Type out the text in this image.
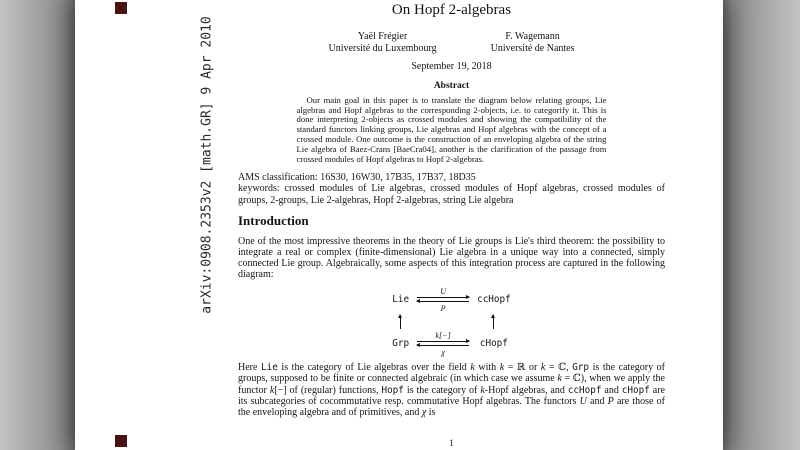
arXiv:0908.2353v2 [math.GR] 9 Apr 2010
On Hopf 2-algebras
Yaël Frégier
Université du Luxembourg
F. Wagemann
Université de Nantes
September 19, 2018
Abstract

Our main goal in this paper is to translate the diagram below relating groups, Lie algebras and Hopf algebras to the corresponding 2-objects, i.e. to categorify it. This is done interpreting 2-objects as crossed modules and showing the compatibility of the standard functors linking groups, Lie algebras and Hopf algebras with the concept of a crossed module. One outcome is the construction of an enveloping algebra of the string Lie algebra of Baez-Crans [BaeCra04], another is the clarification of the passage from crossed modules of Hopf algebras to Hopf 2-algebras.

AMS classification: 16S30, 16W30, 17B35, 17B37, 18D35
keywords: crossed modules of Lie algebras, crossed modules of Hopf algebras, crossed modules of groups, 2-groups, Lie 2-algebras, Hopf 2-algebras, string Lie algebra
Introduction

One of the most impressive theorems in the theory of Lie groups is Lie's third theorem: the possibility to integrate a real or complex (finite-dimensional) Lie algebra in a unique way into a connected, simply connected Lie group. Algebraically, some aspects of this integration process are captured in the following diagram:

Lie
U
P
ccHopf
Grp
k[−]
χ
cHopf

Here Lie is the category of Lie algebras over the field k with k = ℝ or k = ℂ, Grp is the category of groups, supposed to be finite or connected algebraic (in which case we assume k = ℂ), when we apply the functor k[−] of (regular) functions, Hopf is the category of k-Hopf algebras, and ccHopf and cHopf are its subcategories of cocommutative resp. commutative Hopf algebras. The functors U and P are those of the enveloping algebra and of primitives, and χ is

1
